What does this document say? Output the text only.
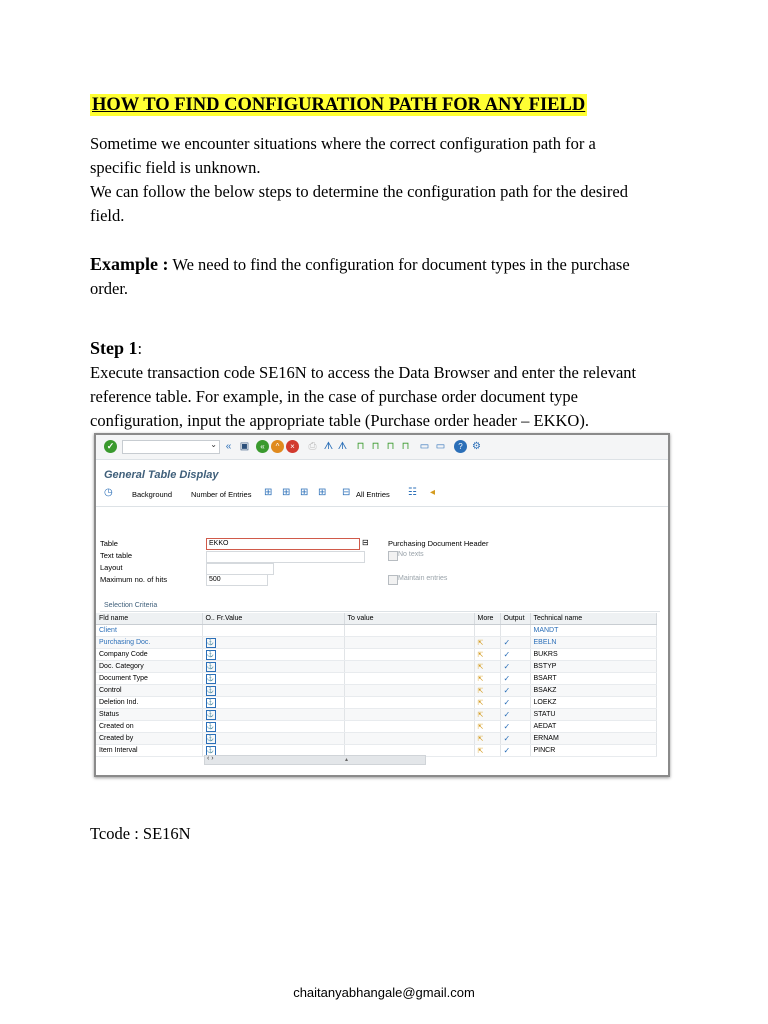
HOW TO FIND CONFIGURATION PATH FOR ANY FIELD

Sometime we encounter situations where the correct configuration path for a
specific field is unknown.
We can follow the below steps to determine the configuration path for the desired
field.

Example : We need to find the configuration for document types in the purchase
order.

Step 1:
Execute transaction code SE16N to access the Data Browser and enter the relevant
reference table. For example, in the case of purchase order document type
configuration, input the appropriate table (Purchase order header – EKKO).

✓	⌄ « ▣	«	^	×	⎙ ᗑ ᗑ ⊓ ⊓ ⊓ ⊓ ▭ ▭	? ⚙
General Table Display
◷	Background	Number of Entries ⊞ ⊞ ⊞ ⊞ ⊟ All Entries ☷ ◂
Table	EKKO	⊟	Purchasing Document Header
Text table	No texts
Layout
Maximum no. of hits	500	Maintain entries
Selection Criteria
Fld name	O.. Fr.Value	To value	More	Output	Technical name
Client					MANDT
Purchasing Doc.	⚓		⇱	✓	EBELN
Company Code	⚓		⇱	✓	BUKRS
Doc. Category	⚓		⇱	✓	BSTYP
Document Type	⚓		⇱	✓	BSART
Control	⚓		⇱	✓	BSAKZ
Deletion Ind.	⚓		⇱	✓	LOEKZ
Status	⚓		⇱	✓	STATU
Created on	⚓		⇱	✓	AEDAT
Created by	⚓		⇱	✓	ERNAM
Item Interval	⚓		⇱	✓	PINCR
‹ ›	▴

Tcode : SE16N

chaitanyabhangale@gmail.com
